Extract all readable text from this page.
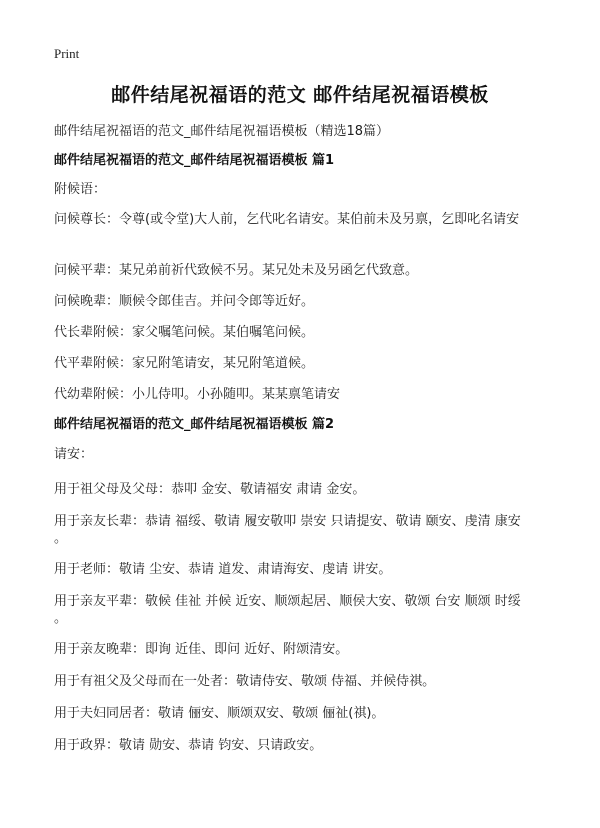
Print
邮件结尾祝福语的范文 邮件结尾祝福语模板
邮件结尾祝福语的范文_邮件结尾祝福语模板（精选18篇）
邮件结尾祝福语的范文_邮件结尾祝福语模板 篇1
附候语：
问候尊长：令尊(或令堂)大人前，乞代叱名请安。某伯前未及另禀，乞即叱名请安
问候平辈：某兄弟前祈代致候不另。某兄处未及另函乞代致意。
问候晚辈：顺候令郎佳吉。并问令郎等近好。
代长辈附候：家父嘱笔问候。某伯嘱笔问候。
代平辈附候：家兄附笔请安，某兄附笔道候。
代幼辈附候：小儿侍叩。小孙随叩。某某禀笔请安
邮件结尾祝福语的范文_邮件结尾祝福语模板 篇2
请安：
用于祖父母及父母：恭叩 金安、敬请福安 肃请 金安。
用于亲友长辈：恭请 福绥、敬请 履安敬叩 崇安 只请提安、敬请 颐安、虔清 康安
。
用于老师：敬请 尘安、恭请 道发、肃请海安、虔请 讲安。
用于亲友平辈：敬候 佳祉 并候 近安、顺颂起居、顺侯大安、敬颂 台安 顺颂 时绥
。
用于亲友晚辈：即询 近佳、即问 近好、附颂清安。
用于有祖父及父母而在一处者：敬请侍安、敬颂 侍福、并候侍祺。
用于夫妇同居者：敬请 俪安、顺颂双安、敬颂 俪祉(祺)。
用于政界：敬请 勋安、恭请 钧安、只请政安。
